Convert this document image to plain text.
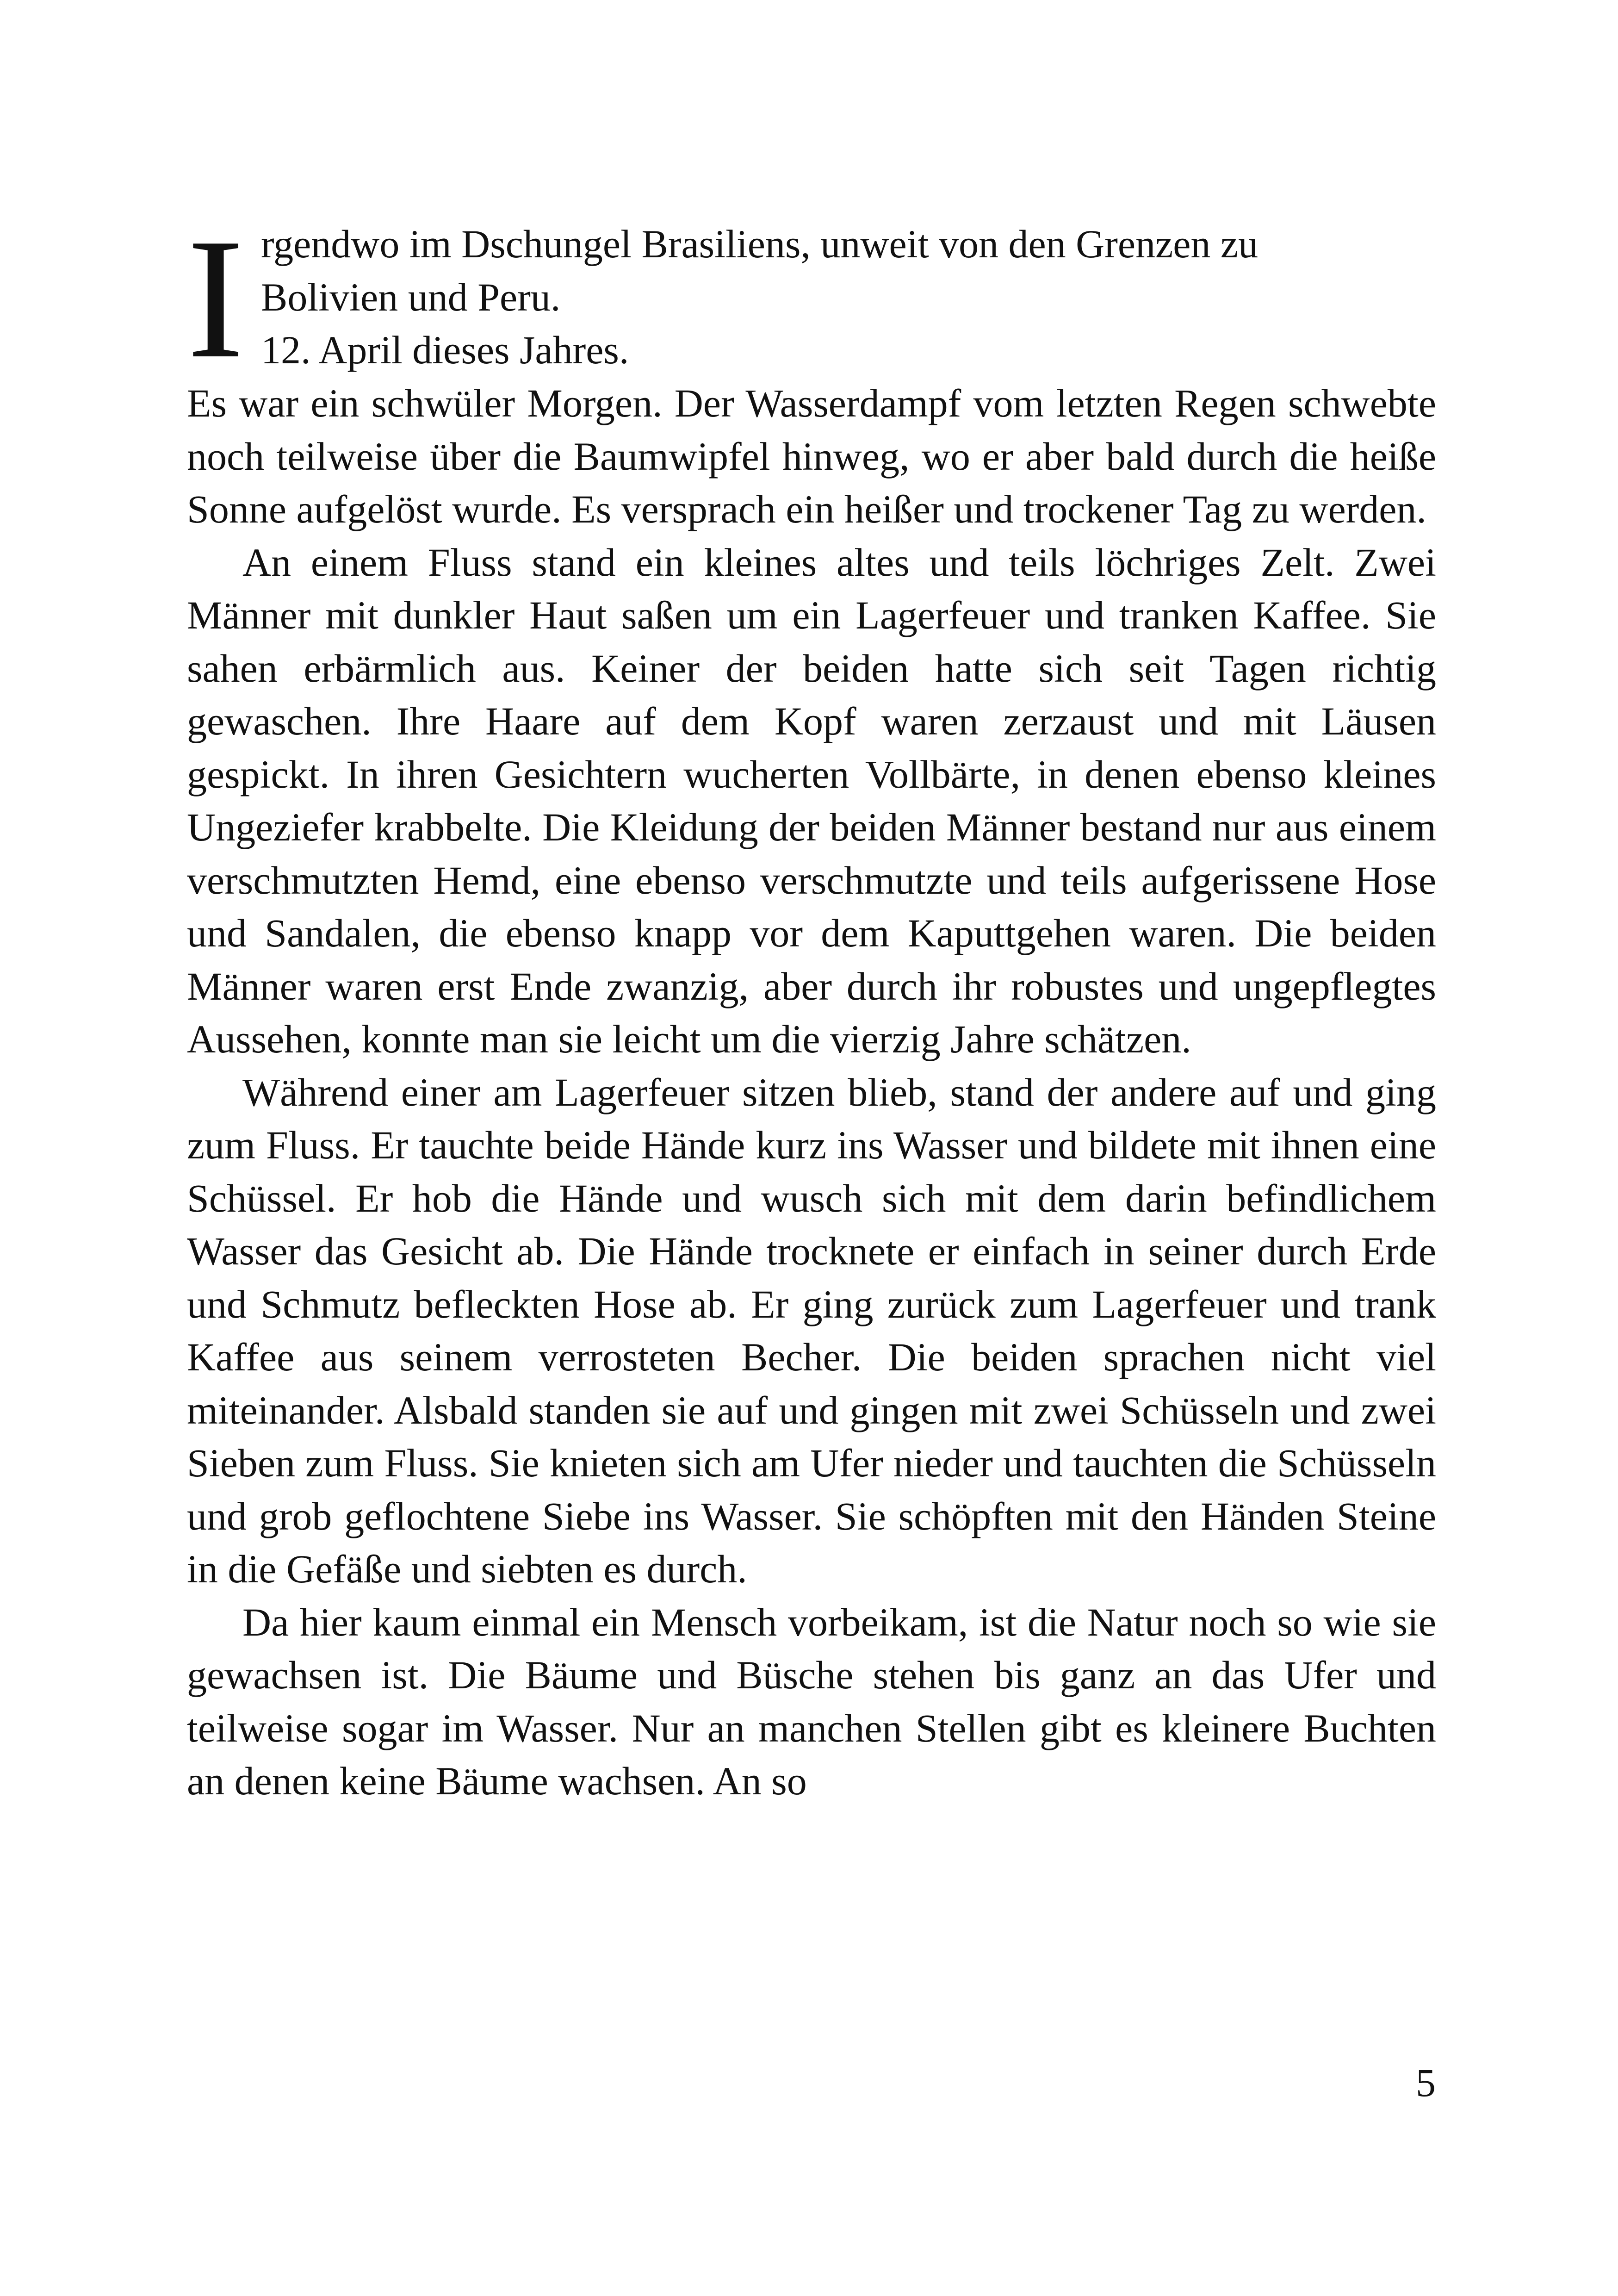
I rgendwo im Dschungel Brasiliens, unweit von den Grenzen zu
Bolivien und Peru.
12. April dieses Jahres.

Es war ein schwüler Morgen. Der Wasserdampf vom letzten Regen schwebte noch teilweise über die Baumwipfel hinweg, wo er aber bald durch die heiße Sonne aufgelöst wurde. Es versprach ein heißer und trockener Tag zu werden.

An einem Fluss stand ein kleines altes und teils löchriges Zelt. Zwei Männer mit dunkler Haut saßen um ein Lagerfeuer und tranken Kaffee. Sie sahen erbärmlich aus. Keiner der beiden hatte sich seit Tagen richtig gewaschen. Ihre Haare auf dem Kopf waren zerzaust und mit Läusen gespickt. In ihren Gesichtern wucherten Vollbärte, in denen ebenso kleines Ungeziefer krabbelte. Die Kleidung der beiden Männer bestand nur aus einem verschmutzten Hemd, eine ebenso verschmutzte und teils aufgerissene Hose und Sandalen, die ebenso knapp vor dem Kaputtgehen waren. Die beiden Männer waren erst Ende zwanzig, aber durch ihr robustes und ungepflegtes Aussehen, konnte man sie leicht um die vierzig Jahre schätzen.

Während einer am Lagerfeuer sitzen blieb, stand der andere auf und ging zum Fluss. Er tauchte beide Hände kurz ins Wasser und bildete mit ihnen eine Schüssel. Er hob die Hände und wusch sich mit dem darin befindlichem Wasser das Gesicht ab. Die Hände trocknete er einfach in seiner durch Erde und Schmutz befleckten Hose ab. Er ging zurück zum Lagerfeuer und trank Kaffee aus seinem verrosteten Becher. Die beiden sprachen nicht viel miteinander. Alsbald standen sie auf und gingen mit zwei Schüsseln und zwei Sieben zum Fluss. Sie knieten sich am Ufer nieder und tauchten die Schüsseln und grob geflochtene Siebe ins Wasser. Sie schöpften mit den Händen Steine in die Gefäße und siebten es durch.

Da hier kaum einmal ein Mensch vorbeikam, ist die Natur noch so wie sie gewachsen ist. Die Bäume und Büsche stehen bis ganz an das Ufer und teilweise sogar im Wasser. Nur an manchen Stellen gibt es kleinere Buchten an denen keine Bäume wachsen. An so

5
